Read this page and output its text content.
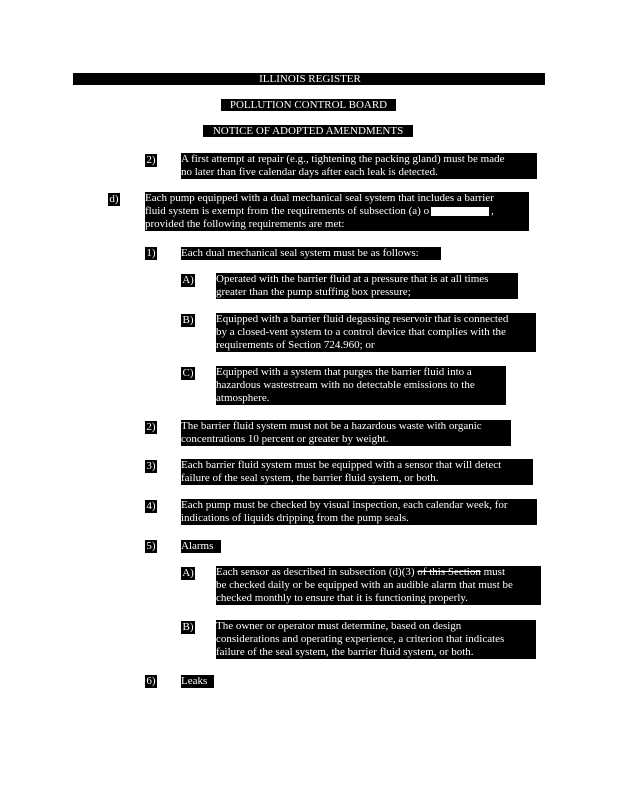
ILLINOIS REGISTER
POLLUTION CONTROL BOARD
NOTICE OF ADOPTED AMENDMENTS
2) A first attempt at repair (e.g., tightening the packing gland) must be made
no later than five calendar days after each leak is detected.
d) Each pump equipped with a dual mechanical seal system that includes a barrier
fluid system is exempt from the requirements of subsection (a) o	,
provided the following requirements are met:
1) Each dual mechanical seal system must be as follows:
A) Operated with the barrier fluid at a pressure that is at all times
greater than the pump stuffing box pressure;
B) Equipped with a barrier fluid degassing reservoir that is connected
by a closed-vent system to a control device that complies with the
requirements of Section 724.960; or
C) Equipped with a system that purges the barrier fluid into a
hazardous wastestream with no detectable emissions to the
atmosphere.
2) The barrier fluid system must not be a hazardous waste with organic
concentrations 10 percent or greater by weight.
3) Each barrier fluid system must be equipped with a sensor that will detect
failure of the seal system, the barrier fluid system, or both.
4) Each pump must be checked by visual inspection, each calendar week, for
indications of liquids dripping from the pump seals.
5) Alarms
A) Each sensor as described in subsection (d)(3) of this Section must
be checked daily or be equipped with an audible alarm that must be
checked monthly to ensure that it is functioning properly.
B) The owner or operator must determine, based on design
considerations and operating experience, a criterion that indicates
failure of the seal system, the barrier fluid system, or both.
6) Leaks
